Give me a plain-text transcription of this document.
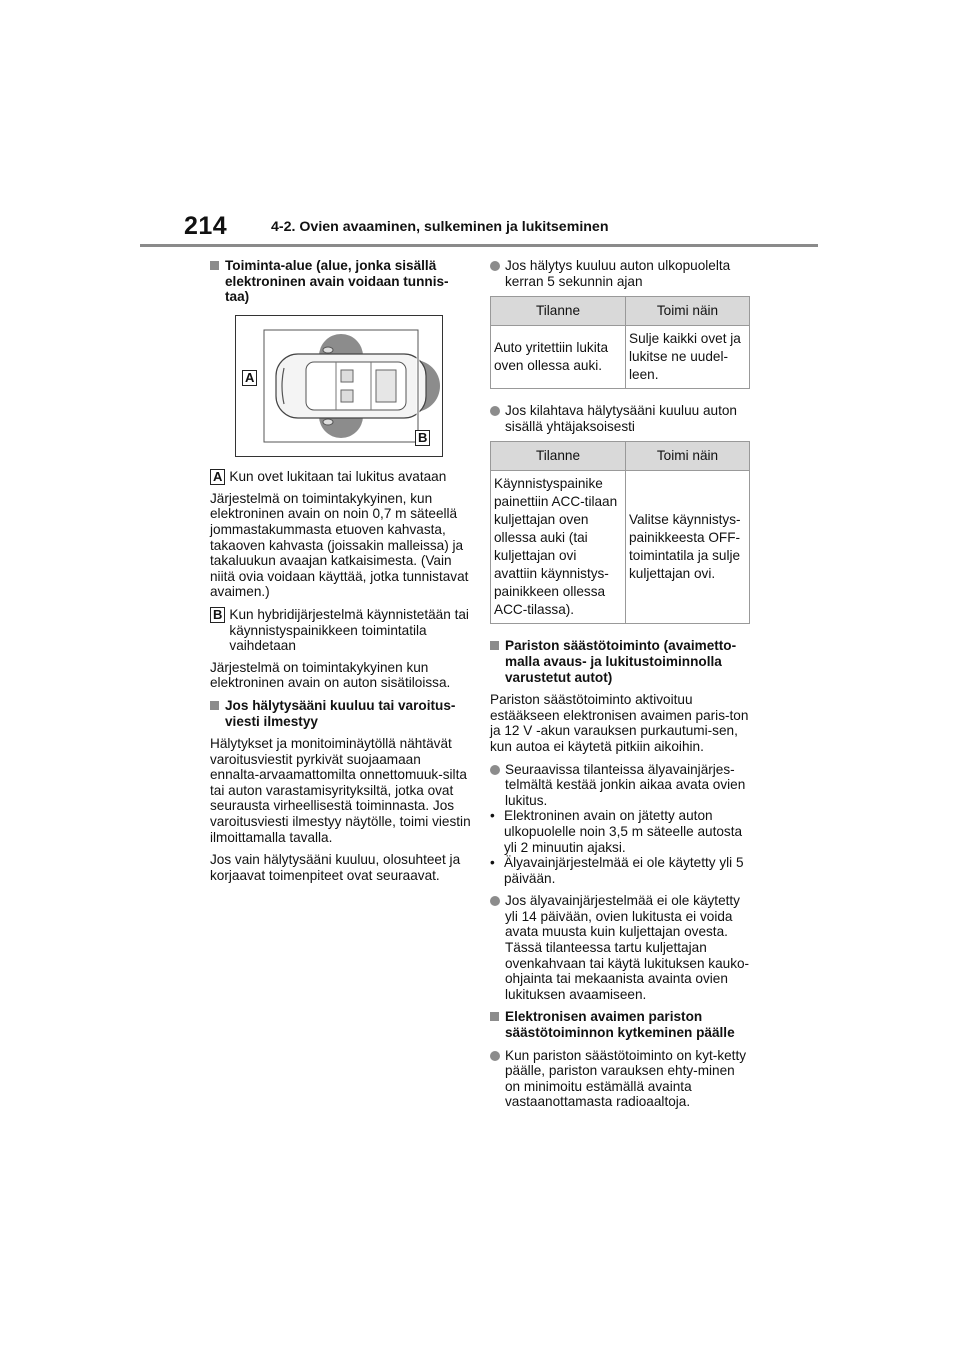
214	4-2. Ovien avaaminen, sulkeminen ja lukitseminen
Toiminta-alue (alue, jonka sisällä elektroninen avain voidaan tunnis-taa)
A
B
A Kun ovet lukitaan tai lukitus avataan

Järjestelmä on toimintakykyinen, kun elektroninen avain on noin 0,7 m säteellä jommastakummasta etuoven kahvasta, takaoven kahvasta (joissakin malleissa) ja takaluukun avaajan katkaisimesta. (Vain niitä ovia voidaan käyttää, jotka tunnistavat avaimen.)

B Kun hybridijärjestelmä käynnistetään tai käynnistyspainikkeen toimintatila vaihdetaan

Järjestelmä on toimintakykyinen kun elektroninen avain on auton sisätiloissa.

Jos hälytysääni kuuluu tai varoitus-viesti ilmestyy

Hälytykset ja monitoiminäytöllä nähtävät varoitusviestit pyrkivät suojaamaan ennalta-arvaamattomilta onnettomuuk-silta tai auton varastamisyrityksiltä, jotka ovat seurausta virheellisestä toiminnasta. Jos varoitusviesti ilmestyy näytölle, toimi viestin ilmoittamalla tavalla.

Jos vain hälytysääni kuuluu, olosuhteet ja korjaavat toimenpiteet ovat seuraavat.

Jos hälytys kuuluu auton ulkopuolelta kerran 5 sekunnin ajan
Tilanne	Toimi näin
Auto yritettiin lukita oven ollessa auki.	Sulje kaikki ovet ja lukitse ne uudel-leen.
Jos kilahtava hälytysääni kuuluu auton sisällä yhtäjaksoisesti
Tilanne	Toimi näin
Käynnistyspainike painettiin ACC-tilaan kuljettajan oven ollessa auki (tai kuljettajan ovi avattiin käynnistys-painikkeen ollessa ACC-tilassa).	Valitse käynnistys-painikkeesta OFF-toimintatila ja sulje kuljettajan ovi.
Pariston säästötoiminto (avaimetto-malla avaus- ja lukitustoiminnolla varustetut autot)

Pariston säästötoiminto aktivoituu estääkseen elektronisen avaimen paris-ton ja 12 V -akun varauksen purkautumi-sen, kun autoa ei käytetä pitkiin aikoihin.

Seuraavissa tilanteissa älyavainjärjes-telmältä kestää jonkin aikaa avata ovien lukitus.
• Elektroninen avain on jätetty auton ulkopuolelle noin 3,5 m säteelle autosta yli 2 minuutin ajaksi.
• Älyavainjärjestelmää ei ole käytetty yli 5 päivään.
Jos älyavainjärjestelmää ei ole käytetty yli 14 päivään, ovien lukitusta ei voida avata muusta kuin kuljettajan ovesta. Tässä tilanteessa tartu kuljettajan ovenkahvaan tai käytä lukituksen kauko-ohjainta tai mekaanista avainta ovien lukituksen avaamiseen.
Elektronisen avaimen pariston säästötoiminnon kytkeminen päälle
Kun pariston säästötoiminto on kyt-ketty päälle, pariston varauksen ehty-minen on minimoitu estämällä avainta vastaanottamasta radioaaltoja.
